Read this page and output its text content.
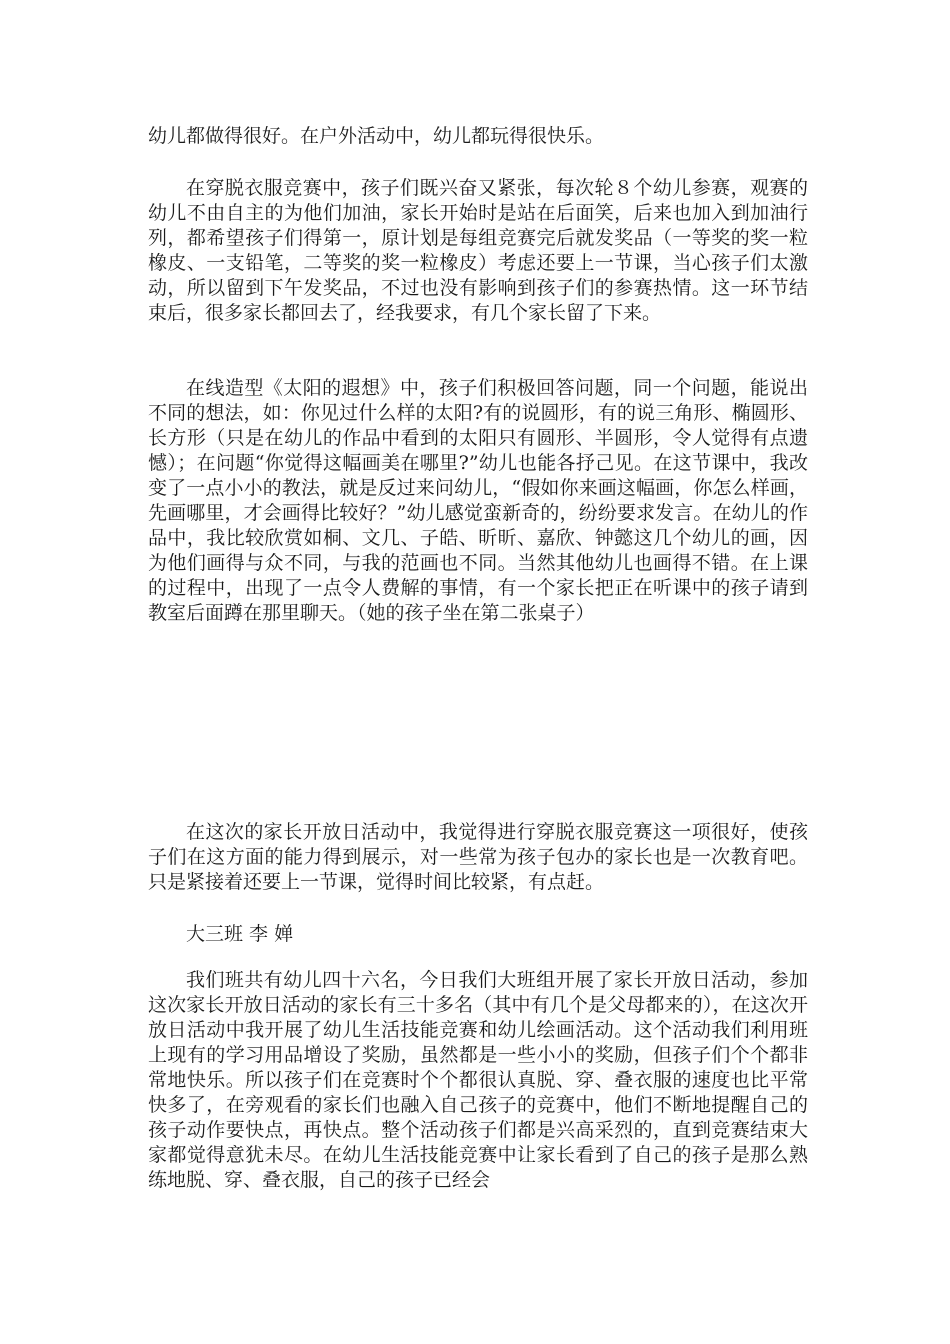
幼儿都做得很好。在户外活动中，幼儿都玩得很快乐。

在穿脱衣服竞赛中，孩子们既兴奋又紧张，每次轮８个幼儿参赛，观赛的幼儿不由自主的为他们加油，家长开始时是站在后面笑，后来也加入到加油行列，都希望孩子们得第一，原计划是每组竞赛完后就发奖品（一等奖的奖一粒橡皮、一支铅笔，二等奖的奖一粒橡皮）考虑还要上一节课，当心孩子们太激动，所以留到下午发奖品，不过也没有影响到孩子们的参赛热情。这一环节结束后，很多家长都回去了，经我要求，有几个家长留了下来。

在线造型《太阳的遐想》中，孩子们积极回答问题，同一个问题，能说出不同的想法，如：你见过什么样的太阳?有的说圆形，有的说三角形、椭圆形、长方形（只是在幼儿的作品中看到的太阳只有圆形、半圆形，令人觉得有点遗憾）；在问题“你觉得这幅画美在哪里?”幼儿也能各抒己见。在这节课中，我改变了一点小小的教法，就是反过来问幼儿，“假如你来画这幅画，你怎么样画，先画哪里，才会画得比较好？”幼儿感觉蛮新奇的，纷纷要求发言。在幼儿的作品中，我比较欣赏如桐、文几、子皓、昕昕、嘉欣、钟懿这几个幼儿的画，因为他们画得与众不同，与我的范画也不同。当然其他幼儿也画得不错。在上课的过程中，出现了一点令人费解的事情，有一个家长把正在听课中的孩子请到教室后面蹲在那里聊天。（她的孩子坐在第二张桌子）

在这次的家长开放日活动中，我觉得进行穿脱衣服竞赛这一项很好，使孩子们在这方面的能力得到展示，对一些常为孩子包办的家长也是一次教育吧。只是紧接着还要上一节课，觉得时间比较紧，有点赶。

大三班 李 婵

我们班共有幼儿四十六名，今日我们大班组开展了家长开放日活动，参加这次家长开放日活动的家长有三十多名（其中有几个是父母都来的），在这次开放日活动中我开展了幼儿生活技能竞赛和幼儿绘画活动。这个活动我们利用班上现有的学习用品增设了奖励，虽然都是一些小小的奖励，但孩子们个个都非常地快乐。所以孩子们在竞赛时个个都很认真脱、穿、叠衣服的速度也比平常快多了，在旁观看的家长们也融入自己孩子的竞赛中，他们不断地提醒自己的孩子动作要快点，再快点。整个活动孩子们都是兴高采烈的，直到竞赛结束大家都觉得意犹未尽。在幼儿生活技能竞赛中让家长看到了自己的孩子是那么熟练地脱、穿、叠衣服，自己的孩子已经会
